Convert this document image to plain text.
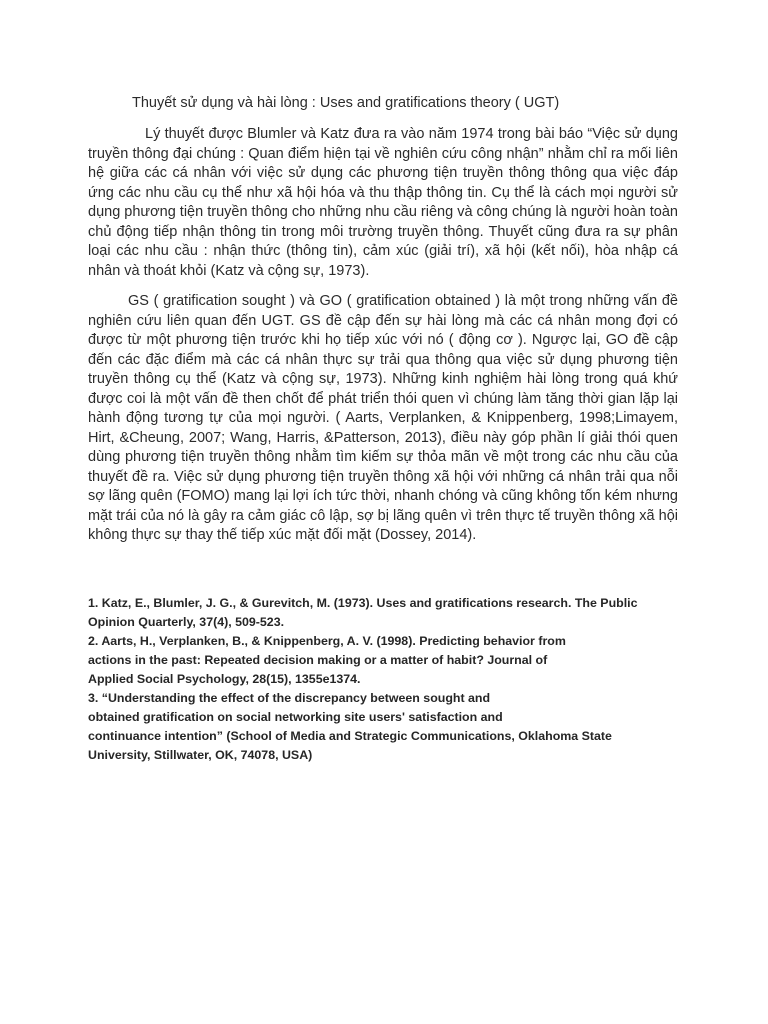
Thuyết sử dụng và hài lòng : Uses and gratifications theory ( UGT)

Lý thuyết được Blumler và Katz đưa ra vào năm 1974 trong bài báo “Việc sử dụng truyền thông đại chúng : Quan điểm hiện tại về nghiên cứu công nhận” nhằm chỉ ra mối liên hệ giữa các cá nhân với việc sử dụng các phương tiện truyền thông thông qua việc đáp ứng các nhu cầu cụ thể như xã hội hóa và thu thập thông tin. Cụ thể là cách mọi người sử dụng phương tiện truyền thông cho những nhu cầu riêng và công chúng là người hoàn toàn chủ động tiếp nhận thông tin trong môi trường truyền thông. Thuyết cũng đưa ra sự phân loại các nhu cầu : nhận thức (thông tin), cảm xúc (giải trí), xã hội (kết nối), hòa nhập cá nhân và thoát khỏi (Katz và cộng sự, 1973).

GS ( gratification sought ) và GO ( gratification obtained ) là một trong những vấn đề nghiên cứu liên quan đến UGT. GS đề cập đến sự hài lòng mà các cá nhân mong đợi có được từ một phương tiện trước khi họ tiếp xúc với nó ( động cơ ). Ngược lại, GO đề cập đến các đặc điểm mà các cá nhân thực sự trải qua thông qua việc sử dụng phương tiện truyền thông cụ thể (Katz và cộng sự, 1973). Những kinh nghiệm hài lòng trong quá khứ được coi là một vấn đề then chốt để phát triển thói quen vì chúng làm tăng thời gian lặp lại hành động tương tự của mọi người. ( Aarts, Verplanken, & Knippenberg, 1998;Limayem, Hirt, &Cheung, 2007; Wang, Harris, &Patterson, 2013), điều này góp phần lí giải thói quen dùng phương tiện truyền thông nhằm tìm kiếm sự thỏa mãn về một trong các nhu cầu của thuyết đề ra. Việc sử dụng phương tiện truyền thông xã hội với những cá nhân trải qua nỗi sợ lãng quên (FOMO) mang lại lợi ích tức thời, nhanh chóng và cũng không tốn kém nhưng mặt trái của nó là gây ra cảm giác cô lập, sợ bị lãng quên vì trên thực tế truyền thông xã hội không thực sự thay thế tiếp xúc mặt đối mặt (Dossey, 2014).

1. Katz, E., Blumler, J. G., & Gurevitch, M. (1973). Uses and gratifications research. The Public
Opinion Quarterly, 37(4), 509-523.
2. Aarts, H., Verplanken, B., & Knippenberg, A. V. (1998). Predicting behavior from
actions in the past: Repeated decision making or a matter of habit? Journal of
Applied Social Psychology, 28(15), 1355e1374.
3. “Understanding the effect of the discrepancy between sought and
obtained gratification on social networking site users' satisfaction and
continuance intention” (School of Media and Strategic Communications, Oklahoma State
University, Stillwater, OK, 74078, USA)
